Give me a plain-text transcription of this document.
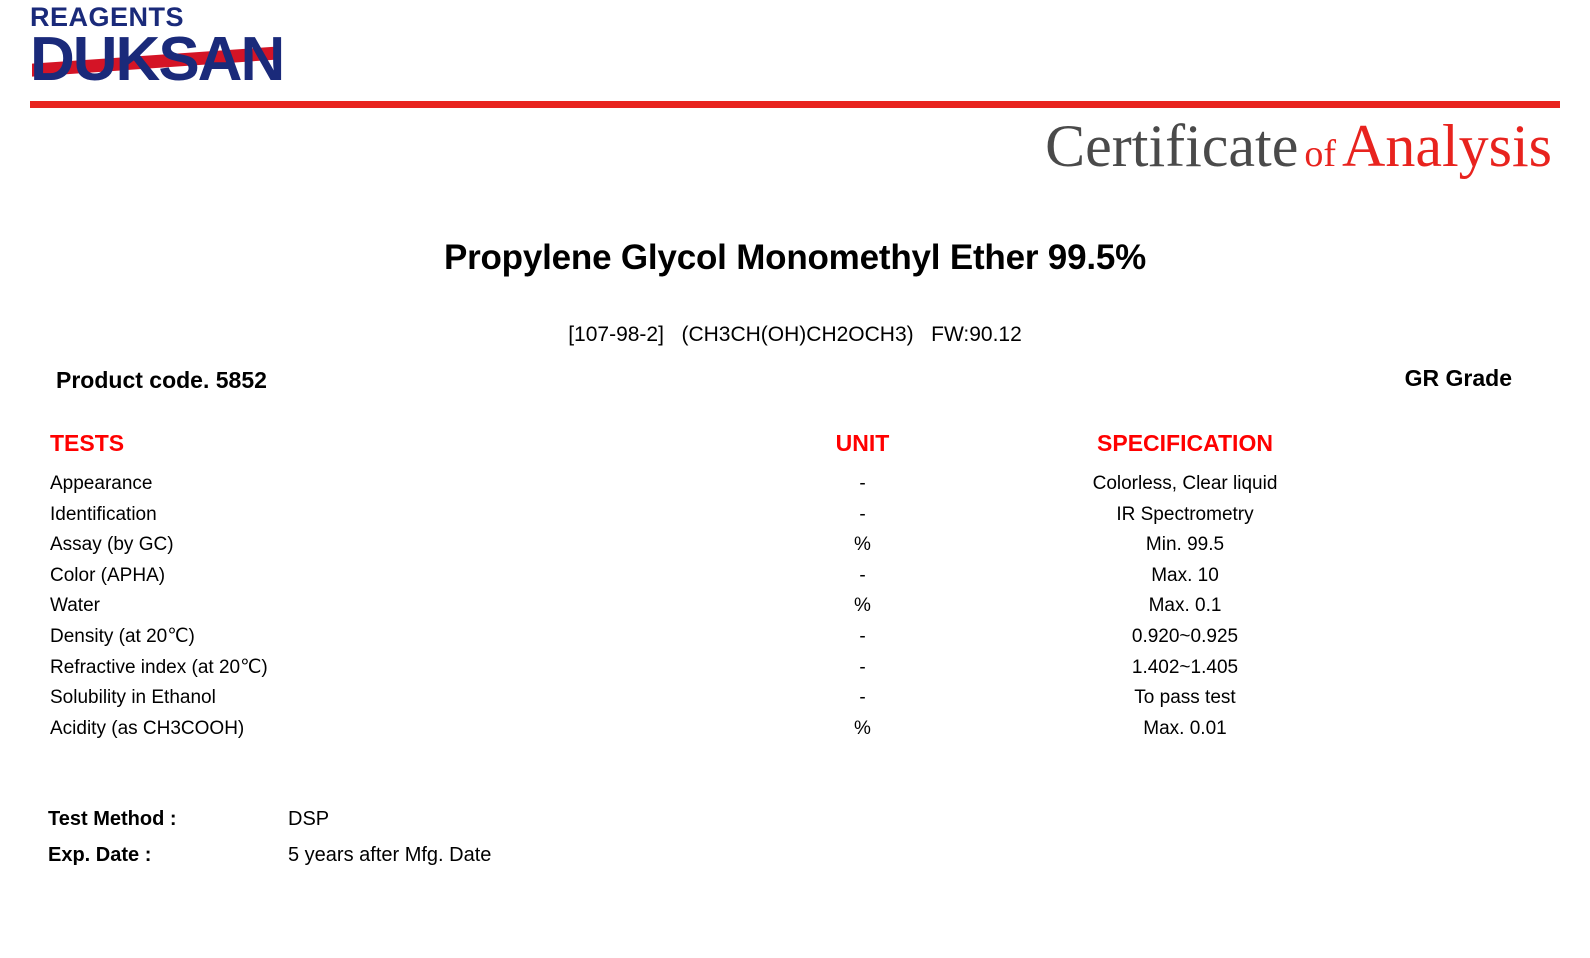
REAGENTS
DUKSAN
Certificate of Analysis
Propylene Glycol Monomethyl Ether 99.5%
[107-98-2] (CH3CH(OH)CH2OCH3) FW:90.12
Product code. 5852	GR Grade
TESTS	UNIT	SPECIFICATION
Appearance	-	Colorless, Clear liquid
Identification	-	IR Spectrometry
Assay (by GC)	%	Min. 99.5
Color (APHA)	-	Max. 10
Water	%	Max. 0.1
Density (at 20℃)	-	0.920~0.925
Refractive index (at 20℃)	-	1.402~1.405
Solubility in Ethanol	-	To pass test
Acidity (as CH3COOH)	%	Max. 0.01
Test Method :	DSP
Exp. Date :	5 years after Mfg. Date
